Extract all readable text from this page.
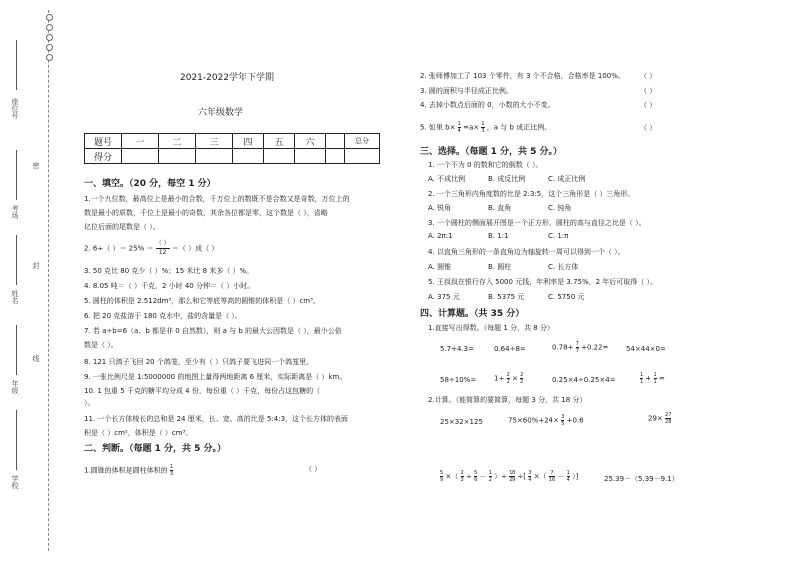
座位号
考场
姓名
年级
学校
密
封
线
2021-2022学年下学期
六年级数学
题号	一	二	三	四	五	六		总分
得分								
一、填空。（20 分，每空 1 分）
1.一个九位数，最高位上是最小的合数，千万位上的数既不是合数又是奇数，万位上的
数是最小的质数，千位上是最小的奇数，其余各位都是零，这个数是（ ），省略
亿位后面的尾数是（ ）。
2. 6÷（ ）＝ 25% ＝
（ ）
12 ＝（ ）成（ ）
3. 50 克比 80 克少（ ）%；15 米比 8 米多（ ）%。
4. 8.05 吨＝（ ）千克，2 小时 40 分钟＝（ ）小时。
5. 圆柱的体积是 2.512dm³，那么和它等底等高的圆锥的体积是（ ）cm³。
6. 把 20 克盐溶于 180 克水中，盐的含量是（ ）。
7. 若 a÷b=6（a、b 都是非 0 自然数），则 a 与 b 的最大公因数是（ ），最小公倍
数是（ ）。
8. 121 只鸽子飞回 20 个鸽笼，至少有（ ）只鸽子要飞进同一个鸽笼里。
9. 一张比例尺是 1:5000000 的地图上量得两地距离 6 厘米，实际距离是（ ）km。
10. 1 包重 5 千克的糖平均分成 4 份，每份重（ ）千克，每份占这包糖的（
）。
11. 一个长方体棱长的总和是 24 厘米，长、宽、高的比是 5:4:3，这个长方体的表面
积是（ ）cm²，体积是（ ）cm³。
二、判断。（每题 1 分，共 5 分。）
1.圆锥的体积是圆柱体积的 $\frac{1}{3}$	（ ）
2. 张师傅加工了 103 个零件，有 3 个不合格，合格率是 100%。 （ ）
3. 圆的面积与半径成正比例。	（ ）
4. 去掉小数点后面的 0，小数的大小不变。	（ ）
5. 如果 $b\times \frac{1}{4} =a\times \frac{1}{3}$ ，a 与 b 成正比例。	（ ）
三、选择。（每题 1 分，共 5 分。）
1. 一个不为 0 的数和它的倒数（ ）。
A. 不成比例	B. 成反比例	C. 成正比例
2. 一个三角形内角度数的比是 2:3:5，这个三角形是（ ）三角形。
A. 锐角	B. 直角	C. 钝角
3. 一个圆柱的侧面展开图是一个正方形，圆柱的高与直径之比是（ ）。
A. 2π:1	B. 1:1	C. 1:π
4. 以直角三角形的一条直角边为轴旋转一周可以得到一个（ ）。
A. 圆锥	B. 圆柱	C. 长方体
5. 王叔叔在银行存入 5000 元钱，年利率是 3.75%，2 年后可取得（ ）。
A. 375 元	B. 5375 元	C. 5750 元
四、计算题。（共 35 分）
1.直接写出得数。（每题 1 分，共 8 分）
5.7+4.3=	0.64÷8=	$0.78+ \frac{7}{7} +0.22=$	54×44×0=
58÷10%=	$1\div \frac{2}{2} \times \frac{2}{2}$	0.25×4÷0.25×4=	$\frac{1}{1} + \frac{1}{1}$ =
2.计算。（能简算的要简算，每题 3 分，共 18 分）
25×32×125	$75\times 60\%+24\times \frac{3}{5} +0.6$	$29\times \frac{27}{28}$
$\frac{5}{9}$ ×（ $\frac{2}{3} \div \frac{5}{6} - \frac{1}{2}$ ）÷ $\frac{1}{2} \frac{8}{9}$ ÷[ $\frac{3}{4}$ ×（ $\frac{7}{16} - \frac{1}{4}$ ）]	25.39－（5.39－9.1）
